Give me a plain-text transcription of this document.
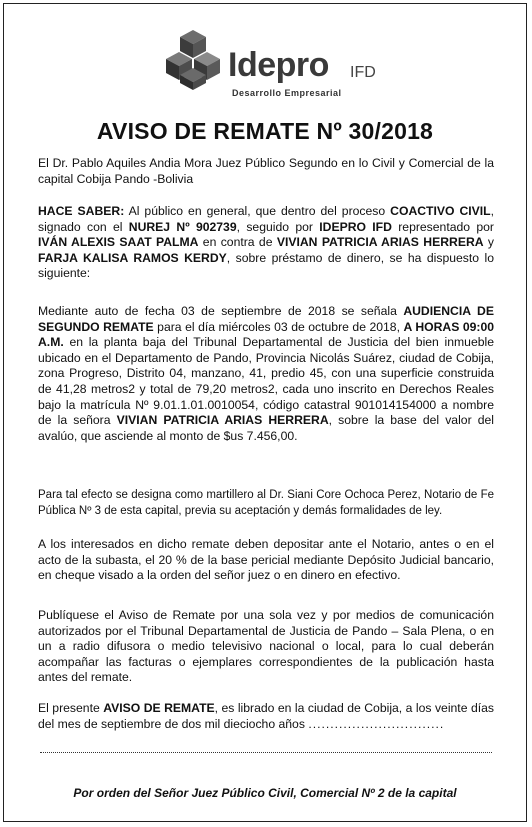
Idepro IFD
Desarrollo Empresarial
AVISO DE REMATE Nº 30/2018
El Dr. Pablo Aquiles Andia Mora Juez Público Segundo en lo Civil y Comercial de la capital Cobija Pando -Bolivia
HACE SABER: Al público en general, que dentro del proceso COACTIVO CIVIL, signado con el NUREJ Nº 902739, seguido por IDEPRO IFD representado por IVÁN ALEXIS SAAT PALMA en contra de VIVIAN PATRICIA ARIAS HERRERA y FARJA KALISA RAMOS KERDY, sobre préstamo de dinero, se ha dispuesto lo siguiente:
Mediante auto de fecha 03 de septiembre de 2018 se señala AUDIENCIA DE SEGUNDO REMATE para el día miércoles 03 de octubre de 2018, A HORAS 09:00 A.M. en la planta baja del Tribunal Departamental de Justicia del bien inmueble ubicado en el Departamento de Pando, Provincia Nicolás Suárez, ciudad de Cobija, zona Progreso, Distrito 04, manzano, 41, predio 45, con una superficie construida de 41,28 metros2 y total de 79,20 metros2, cada uno inscrito en Derechos Reales bajo la matrícula Nº 9.01.1.01.0010054, código catastral 901014154000 a nombre de la señora VIVIAN PATRICIA ARIAS HERRERA, sobre la base del valor del avalúo, que asciende al monto de $us 7.456,00.
Para tal efecto se designa como martillero al Dr. Siani Core Ochoca Perez, Notario de Fe Pública Nº 3 de esta capital, previa su aceptación y demás formalidades de ley.
A los interesados en dicho remate deben depositar ante el Notario, antes o en el acto de la subasta, el 20 % de la base pericial mediante Depósito Judicial bancario, en cheque visado a la orden del señor juez o en dinero en efectivo.
Publíquese el Aviso de Remate por una sola vez y por medios de comunicación autorizados por el Tribunal Departamental de Justicia de Pando – Sala Plena, o en un a radio difusora o medio televisivo nacional o local, para lo cual deberán acompañar las facturas o ejemplares correspondientes de la publicación hasta antes del remate.
El presente AVISO DE REMATE, es librado en la ciudad de Cobija, a los veinte días del mes de septiembre de dos mil dieciocho años ...............................
Por orden del Señor Juez Público Civil, Comercial Nº 2 de la capital
